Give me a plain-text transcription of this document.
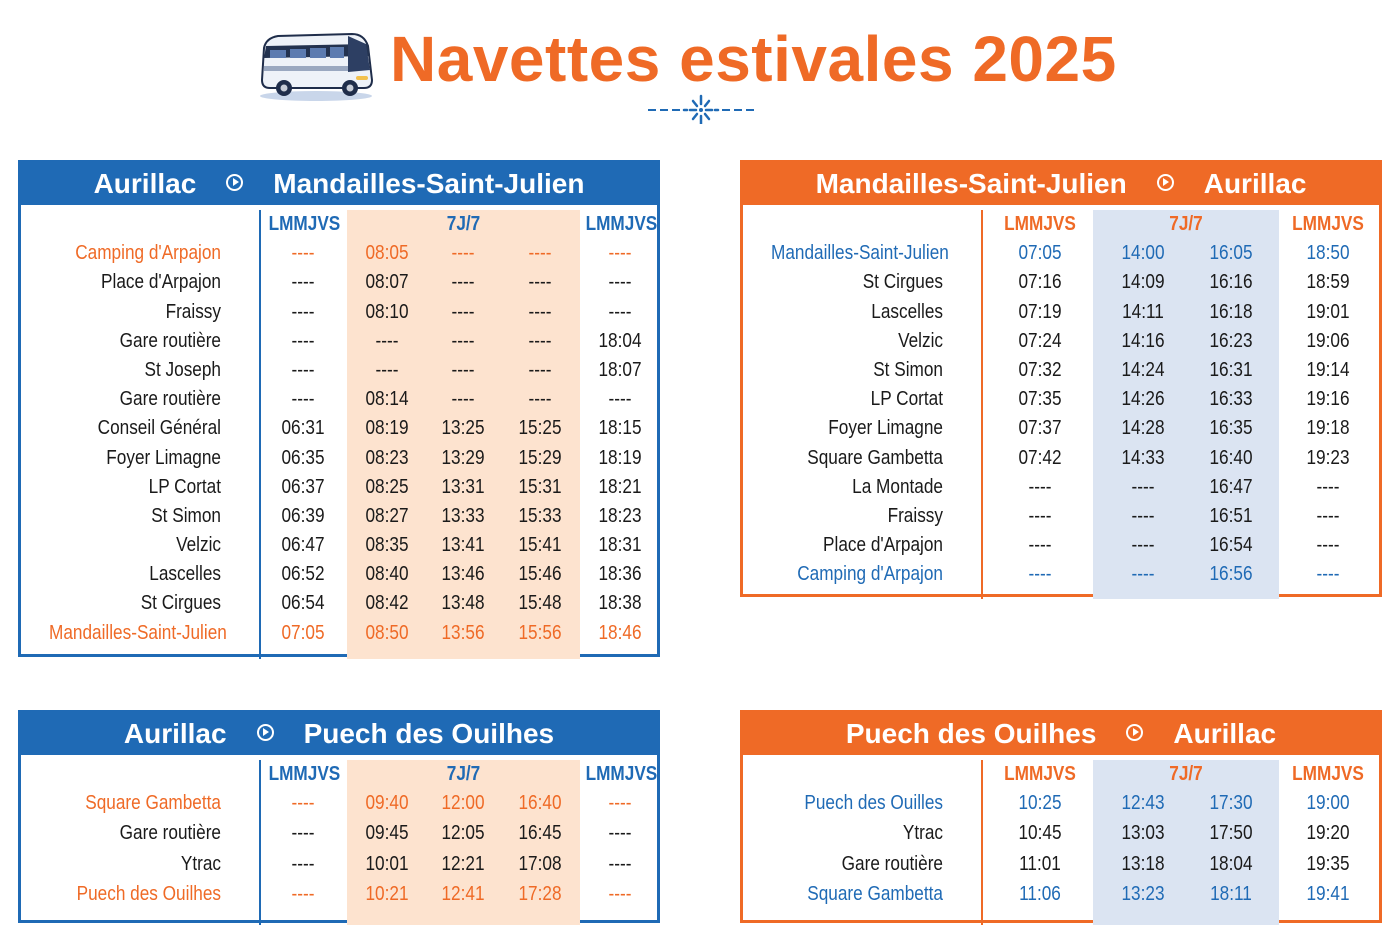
Navettes estivales 2025
Aurillac	Mandailles-Saint-Julien
LMMJVS	7J/7	LMMJVS
Camping d'Arpajon	----	08:05	----	----	----
Place d'Arpajon	----	08:07	----	----	----
Fraissy	----	08:10	----	----	----
Gare routière	----	----	----	----	18:04
St Joseph	----	----	----	----	18:07
Gare routière	----	08:14	----	----	----
Conseil Général	06:31	08:19	13:25	15:25	18:15
Foyer Limagne	06:35	08:23	13:29	15:29	18:19
LP Cortat	06:37	08:25	13:31	15:31	18:21
St Simon	06:39	08:27	13:33	15:33	18:23
Velzic	06:47	08:35	13:41	15:41	18:31
Lascelles	06:52	08:40	13:46	15:46	18:36
St Cirgues	06:54	08:42	13:48	15:48	18:38
Mandailles-Saint-Julien	07:05	08:50	13:56	15:56	18:46
Mandailles-Saint-Julien	Aurillac
LMMJVS	7J/7	LMMJVS
Mandailles-Saint-Julien	07:05	14:00	16:05	18:50
St Cirgues	07:16	14:09	16:16	18:59
Lascelles	07:19	14:11	16:18	19:01
Velzic	07:24	14:16	16:23	19:06
St Simon	07:32	14:24	16:31	19:14
LP Cortat	07:35	14:26	16:33	19:16
Foyer Limagne	07:37	14:28	16:35	19:18
Square Gambetta	07:42	14:33	16:40	19:23
La Montade	----	----	16:47	----
Fraissy	----	----	16:51	----
Place d'Arpajon	----	----	16:54	----
Camping d'Arpajon	----	----	16:56	----
Aurillac	Puech des Ouilhes
LMMJVS	7J/7	LMMJVS
Square Gambetta	----	09:40	12:00	16:40	----
Gare routière	----	09:45	12:05	16:45	----
Ytrac	----	10:01	12:21	17:08	----
Puech des Ouilhes	----	10:21	12:41	17:28	----
Puech des Ouilhes	Aurillac
LMMJVS	7J/7	LMMJVS
Puech des Ouilles	10:25	12:43	17:30	19:00
Ytrac	10:45	13:03	17:50	19:20
Gare routière	11:01	13:18	18:04	19:35
Square Gambetta	11:06	13:23	18:11	19:41
